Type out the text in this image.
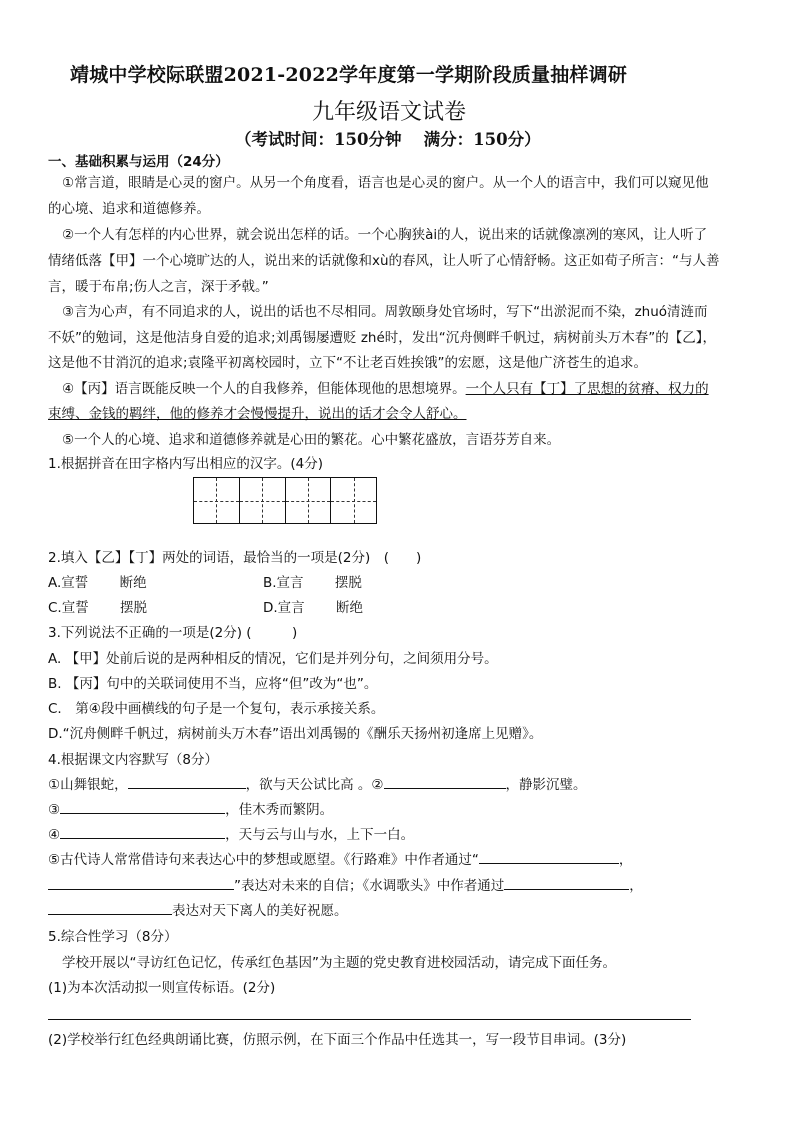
靖城中学校际联盟2021-2022学年度第一学期阶段质量抽样调研
九年级语文试卷
（考试时间：150分钟　 满分：150分）
一、基础积累与运用（24分）
①常言道，眼睛是心灵的窗户。从另一个角度看，语言也是心灵的窗户。从一个人的语言中，我们可以窥见他
的心境、追求和道德修养。
②一个人有怎样的内心世界，就会说出怎样的话。一个心胸狭ài的人，说出来的话就像凛冽的寒风，让人听了
情绪低落【甲】一个心境旷达的人，说出来的话就像和xù的春风，让人听了心情舒畅。这正如荀子所言：“与人善
言，暖于布帛;伤人之言，深于矛戟。”
③言为心声，有不同追求的人，说出的话也不尽相同。周敦颐身处官场时，写下“出淤泥而不染，zhuó清涟而
不妖”的勉词，这是他洁身自爱的追求;刘禹锡屡遭贬 zhé时，发出“沉舟侧畔千帆过，病树前头万木春”的【乙】，
这是他不甘消沉的追求;袁隆平初离校园时，立下“不让老百姓挨饿”的宏愿，这是他广济苍生的追求。
④【丙】语言既能反映一个人的自我修养，但能体现他的思想境界。一个人只有【丁】了思想的贫瘠、权力的
束缚、金钱的羁绊，他的修养才会慢慢提升，说出的话才会令人舒心。
⑤一个人的心境、追求和道德修养就是心田的繁花。心中繁花盛放，言语芬芳自来。
1.根据拼音在田字格内写出相应的汉字。(4分)
2.填入【乙】【丁】两处的词语，最恰当的一项是(2分)　(　　)
A.宣誓　　 断绝	B.宣言　　 摆脱
C.宣誓　　 摆脱	D.宣言　　 断绝
3.下列说法不正确的一项是(2分) (　　　)
A. 【甲】处前后说的是两种相反的情况，它们是并列分句，之间须用分号。
B. 【丙】句中的关联词使用不当，应将“但”改为“也”。
C.　第④段中画横线的句子是一个复句，表示承接关系。
D.“沉舟侧畔千帆过，病树前头万木春”语出刘禹锡的《酬乐天扬州初逢席上见赠》。
4.根据课文内容默写（8分）
①山舞银蛇，	，欲与天公试比高 。②	，静影沉璧。
③	，佳木秀而繁阴。
④	，天与云与山与水，上下一白。
⑤古代诗人常常借诗句来表达心中的梦想或愿望。《行路难》中作者通过“	，
”表达对未来的自信；《水调歌头》中作者通过	，
表达对天下离人的美好祝愿。
5.综合性学习（8分）
学校开展以“寻访红色记忆，传承红色基因”为主题的党史教育进校园活动，请完成下面任务。
(1)为本次活动拟一则宣传标语。(2分)
(2)学校举行红色经典朗诵比赛，仿照示例，在下面三个作品中任选其一，写一段节目串词。(3分)
